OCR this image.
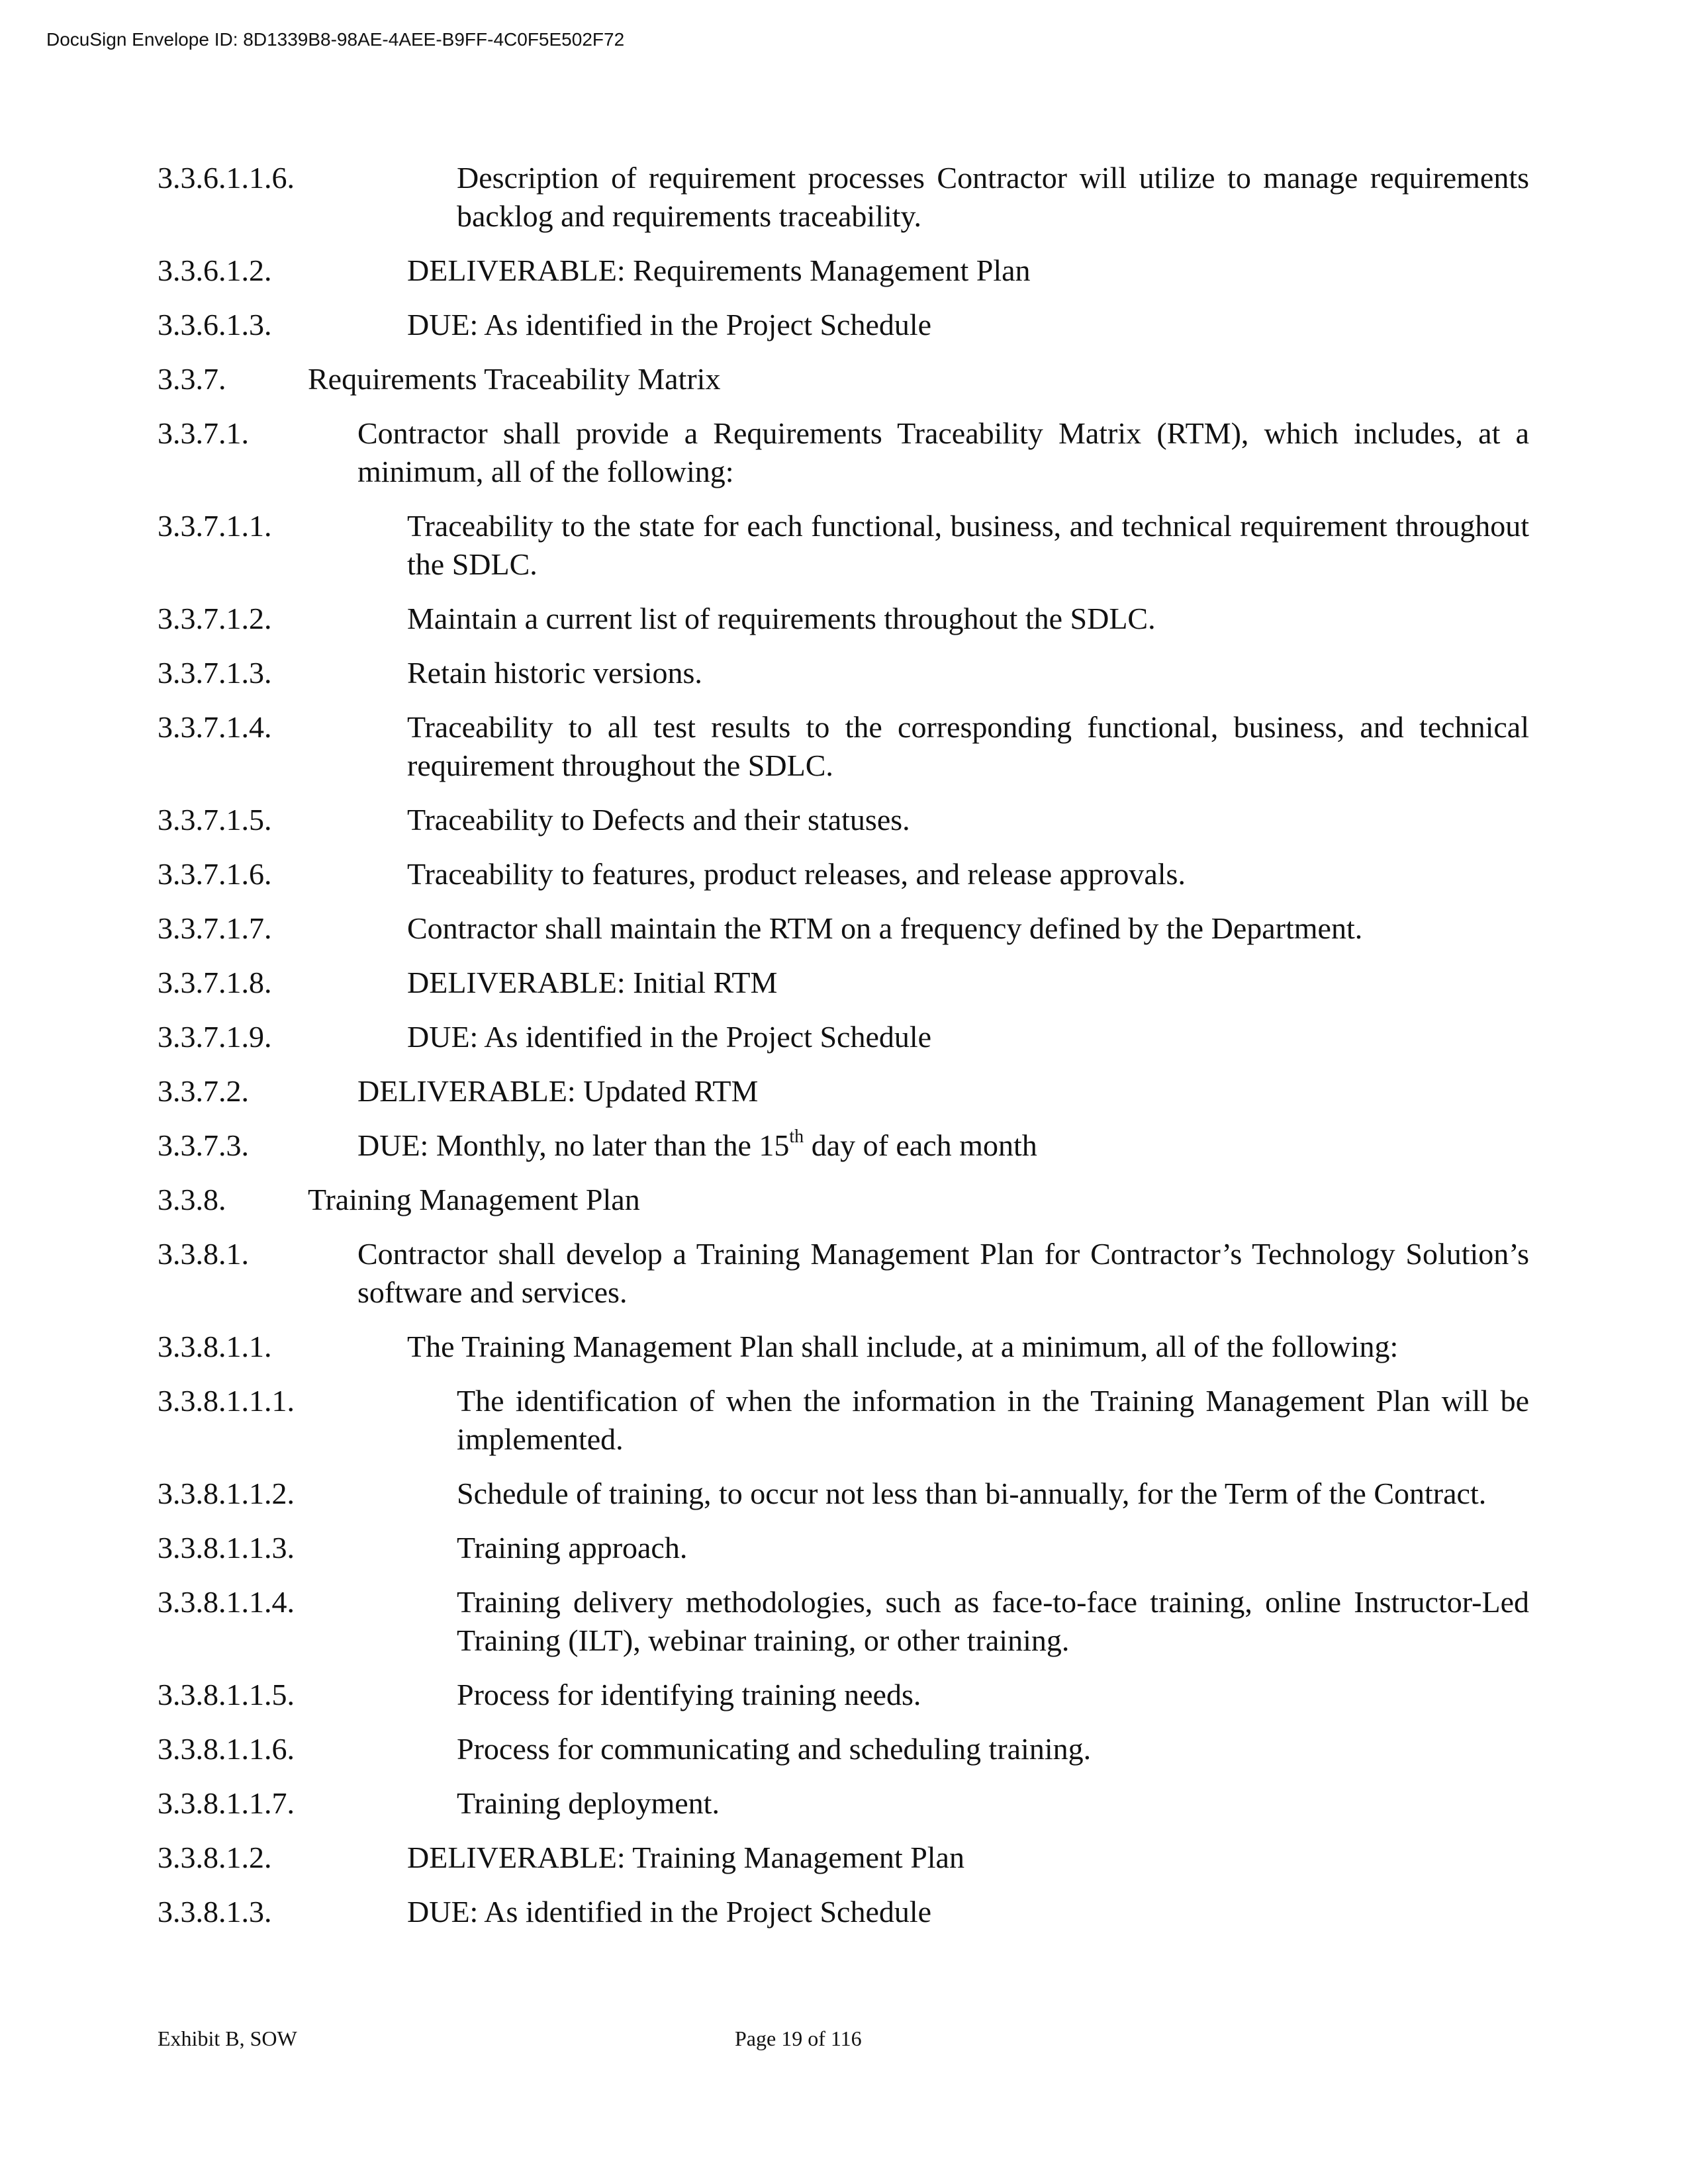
DocuSign Envelope ID: 8D1339B8-98AE-4AEE-B9FF-4C0F5E502F72
3.3.6.1.1.6.	Description of requirement processes Contractor will utilize to manage requirements backlog and requirements traceability.
3.3.6.1.2.	DELIVERABLE: Requirements Management Plan
3.3.6.1.3.	DUE: As identified in the Project Schedule
3.3.7.	Requirements Traceability Matrix
3.3.7.1.	Contractor shall provide a Requirements Traceability Matrix (RTM), which includes, at a minimum, all of the following:
3.3.7.1.1.	Traceability to the state for each functional, business, and technical requirement throughout the SDLC.
3.3.7.1.2.	Maintain a current list of requirements throughout the SDLC.
3.3.7.1.3.	Retain historic versions.
3.3.7.1.4.	Traceability to all test results to the corresponding functional, business, and technical requirement throughout the SDLC.
3.3.7.1.5.	Traceability to Defects and their statuses.
3.3.7.1.6.	Traceability to features, product releases, and release approvals.
3.3.7.1.7.	Contractor shall maintain the RTM on a frequency defined by the Department.
3.3.7.1.8.	DELIVERABLE: Initial RTM
3.3.7.1.9.	DUE: As identified in the Project Schedule
3.3.7.2.	DELIVERABLE: Updated RTM
3.3.7.3.	DUE: Monthly, no later than the 15th day of each month
3.3.8.	Training Management Plan
3.3.8.1.	Contractor shall develop a Training Management Plan for Contractor’s Technology Solution’s software and services.
3.3.8.1.1.	The Training Management Plan shall include, at a minimum, all of the following:
3.3.8.1.1.1.	The identification of when the information in the Training Management Plan will be implemented.
3.3.8.1.1.2.	Schedule of training, to occur not less than bi-annually, for the Term of the Contract.
3.3.8.1.1.3.	Training approach.
3.3.8.1.1.4.	Training delivery methodologies, such as face-to-face training, online Instructor-Led Training (ILT), webinar training, or other training.
3.3.8.1.1.5.	Process for identifying training needs.
3.3.8.1.1.6.	Process for communicating and scheduling training.
3.3.8.1.1.7.	Training deployment.
3.3.8.1.2.	DELIVERABLE: Training Management Plan
3.3.8.1.3.	DUE: As identified in the Project Schedule
Exhibit B, SOW	Page 19 of 116
